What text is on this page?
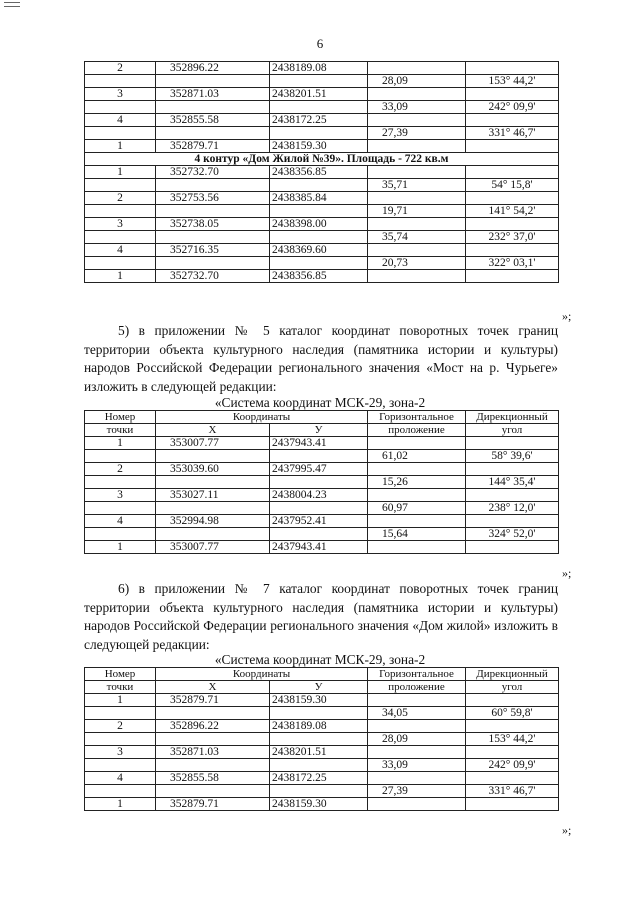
6
2	352896.22	2438189.08		
			28,09	153° 44,2'
3	352871.03	2438201.51		
			33,09	242° 09,9'
4	352855.58	2438172.25		
			27,39	331° 46,7'
1	352879.71	2438159.30		
4 контур «Дом Жилой №39». Площадь - 722 кв.м				
1	352732.70	2438356.85		
			35,71	54° 15,8'
2	352753.56	2438385.84		
			19,71	141° 54,2'
3	352738.05	2438398.00		
			35,74	232° 37,0'
4	352716.35	2438369.60		
			20,73	322° 03,1'
1	352732.70	2438356.85		
»;

5) в приложении № 5 каталог координат поворотных точек границ территории объекта культурного наследия (памятника истории и культуры) народов Российской Федерации регионального значения «Мост на р. Чурьеге» изложить в следующей редакции:

«Система координат МСК-29, зона-2
Номер	Координаты		Горизонтальное	Дирекционный
точки	Х	У	проложение	угол
1	353007.77	2437943.41		
			61,02	58° 39,6'
2	353039.60	2437995.47		
			15,26	144° 35,4'
3	353027.11	2438004.23		
			60,97	238° 12,0'
4	352994.98	2437952.41		
			15,64	324° 52,0'
1	353007.77	2437943.41		
»;

6) в приложении № 7 каталог координат поворотных точек границ территории объекта культурного наследия (памятника истории и культуры) народов Российской Федерации регионального значения «Дом жилой» изложить в следующей редакции:

«Система координат МСК-29, зона-2
Номер	Координаты		Горизонтальное	Дирекционный
точки	Х	У	проложение	угол
1	352879.71	2438159.30		
			34,05	60° 59,8'
2	352896.22	2438189.08		
			28,09	153° 44,2'
3	352871.03	2438201.51		
			33,09	242° 09,9'
4	352855.58	2438172.25		
			27,39	331° 46,7'
1	352879.71	2438159.30		
»;
